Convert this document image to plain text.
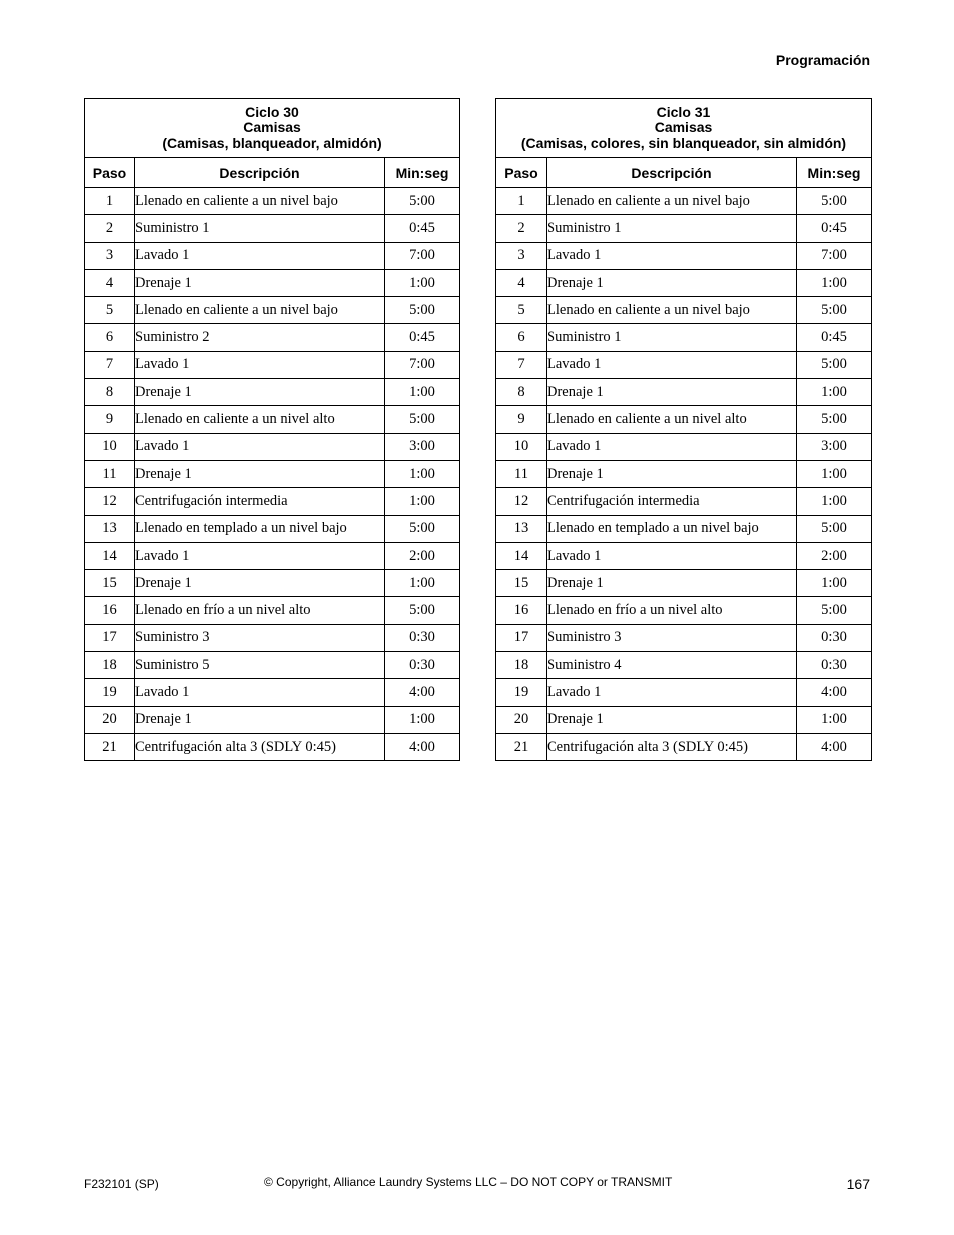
Programación
Ciclo 30
Camisas
(Camisas, blanqueador, almidón)		

Paso	Descripción	Min:seg
1	Llenado en caliente a un nivel bajo	5:00
2	Suministro 1	0:45
3	Lavado 1	7:00
4	Drenaje 1	1:00
5	Llenado en caliente a un nivel bajo	5:00
6	Suministro 2	0:45
7	Lavado 1	7:00
8	Drenaje 1	1:00
9	Llenado en caliente a un nivel alto	5:00
10	Lavado 1	3:00
11	Drenaje 1	1:00
12	Centrifugación intermedia	1:00
13	Llenado en templado a un nivel bajo	5:00
14	Lavado 1	2:00
15	Drenaje 1	1:00
16	Llenado en frío a un nivel alto	5:00
17	Suministro 3	0:30
18	Suministro 5	0:30
19	Lavado 1	4:00
20	Drenaje 1	1:00
21	Centrifugación alta 3 (SDLY 0:45)	4:00
Ciclo 31
Camisas
(Camisas, colores, sin blanqueador, sin almidón)		

Paso	Descripción	Min:seg
1	Llenado en caliente a un nivel bajo	5:00
2	Suministro 1	0:45
3	Lavado 1	7:00
4	Drenaje 1	1:00
5	Llenado en caliente a un nivel bajo	5:00
6	Suministro 1	0:45
7	Lavado 1	5:00
8	Drenaje 1	1:00
9	Llenado en caliente a un nivel alto	5:00
10	Lavado 1	3:00
11	Drenaje 1	1:00
12	Centrifugación intermedia	1:00
13	Llenado en templado a un nivel bajo	5:00
14	Lavado 1	2:00
15	Drenaje 1	1:00
16	Llenado en frío a un nivel alto	5:00
17	Suministro 3	0:30
18	Suministro 4	0:30
19	Lavado 1	4:00
20	Drenaje 1	1:00
21	Centrifugación alta 3 (SDLY 0:45)	4:00
F232101 (SP)	© Copyright, Alliance Laundry Systems LLC – DO NOT COPY or TRANSMIT	167
